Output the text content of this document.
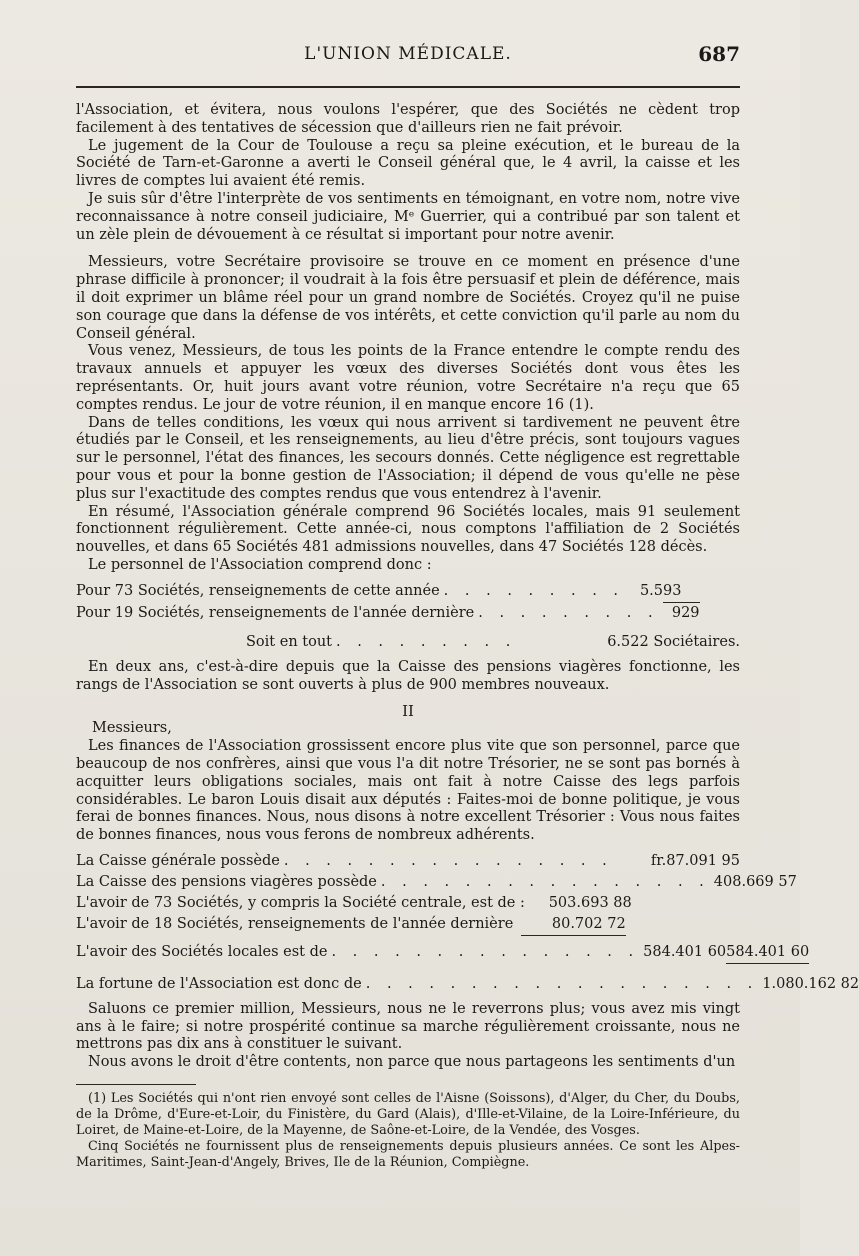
L'UNION MÉDICALE.	687

l'Association, et évitera, nous voulons l'espérer, que des Sociétés ne cèdent trop facilement à des tentatives de sécession que d'ailleurs rien ne fait prévoir.

Le jugement de la Cour de Toulouse a reçu sa pleine exécution, et le bureau de la Société de Tarn-et-Garonne a averti le Conseil général que, le 4 avril, la caisse et les livres de comptes lui avaient été remis.

Je suis sûr d'être l'interprète de vos sentiments en témoignant, en votre nom, notre vive reconnaissance à notre conseil judiciaire, Mᵉ Guerrier, qui a contribué par son talent et un zèle plein de dévouement à ce résultat si important pour notre avenir.

Messieurs, votre Secrétaire provisoire se trouve en ce moment en présence d'une phrase difficile à prononcer; il voudrait à la fois être persuasif et plein de déférence, mais il doit exprimer un blâme réel pour un grand nombre de Sociétés. Croyez qu'il ne puise son courage que dans la défense de vos intérêts, et cette conviction qu'il parle au nom du Conseil général.

Vous venez, Messieurs, de tous les points de la France entendre le compte rendu des travaux annuels et appuyer les vœux des diverses Sociétés dont vous êtes les représentants. Or, huit jours avant votre réunion, votre Secrétaire n'a reçu que 65 comptes rendus. Le jour de votre réunion, il en manque encore 16 (1).

Dans de telles conditions, les vœux qui nous arrivent si tardivement ne peuvent être étudiés par le Conseil, et les renseignements, au lieu d'être précis, sont toujours vagues sur le personnel, l'état des finances, les secours donnés. Cette négligence est regrettable pour vous et pour la bonne gestion de l'Association; il dépend de vous qu'elle ne pèse plus sur l'exactitude des comptes rendus que vous entendrez à l'avenir.

En résumé, l'Association générale comprend 96 Sociétés locales, mais 91 seulement fonctionnent régulièrement. Cette année-ci, nous comptons l'affiliation de 2 Sociétés nouvelles, et dans 65 Sociétés 481 admissions nouvelles, dans 47 Sociétés 128 décès.

Le personnel de l'Association comprend donc :

Pour 73 Sociétés, renseignements de cette année . . . . . . . . .	5.593
Pour 19 Sociétés, renseignements de l'année dernière . . . . . . . . . 929
Soit en tout . . . . . . . . .	6.522 Sociétaires.

En deux ans, c'est-à-dire depuis que la Caisse des pensions viagères fonctionne, les rangs de l'Association se sont ouverts à plus de 900 membres nouveaux.

II

Messieurs,

Les finances de l'Association grossissent encore plus vite que son personnel, parce que beaucoup de nos confrères, ainsi que vous l'a dit notre Trésorier, ne se sont pas bornés à acquitter leurs obligations sociales, mais ont fait à notre Caisse des legs parfois considérables. Le baron Louis disait aux députés : Faites-moi de bonne politique, je vous ferai de bonnes finances. Nous, nous disons à notre excellent Trésorier : Vous nous faites de bonnes finances, nous vous ferons de nombreux adhérents.

La Caisse générale possède . . . . . . . . . . . . . . . .	fr. 87.091 95
La Caisse des pensions viagères possède . . . . . . . . . . . . . . . . 408.669 57
L'avoir de 73 Sociétés, y compris la Société centrale, est de :	503.693 88
L'avoir de 18 Sociétés, renseignements de l'année dernière	80.702 72
L'avoir des Sociétés locales est de . . . . . . . . . . . . . . . 584.401 60 584.401 60
La fortune de l'Association est donc de . . . . . . . . . . . . . . . . . . . 1.080.162 82

Saluons ce premier million, Messieurs, nous ne le reverrons plus; vous avez mis vingt ans à le faire; si notre prospérité continue sa marche régulièrement croissante, nous ne mettrons pas dix ans à constituer le suivant.

Nous avons le droit d'être contents, non parce que nous partageons les sentiments d'un

(1) Les Sociétés qui n'ont rien envoyé sont celles de l'Aisne (Soissons), d'Alger, du Cher, du Doubs, de la Drôme, d'Eure-et-Loir, du Finistère, du Gard (Alais), d'Ille-et-Vilaine, de la Loire-Inférieure, du Loiret, de Maine-et-Loire, de la Mayenne, de Saône-et-Loire, de la Vendée, des Vosges.

Cinq Sociétés ne fournissent plus de renseignements depuis plusieurs années. Ce sont les Alpes-Maritimes, Saint-Jean-d'Angely, Brives, Ile de la Réunion, Compiègne.
